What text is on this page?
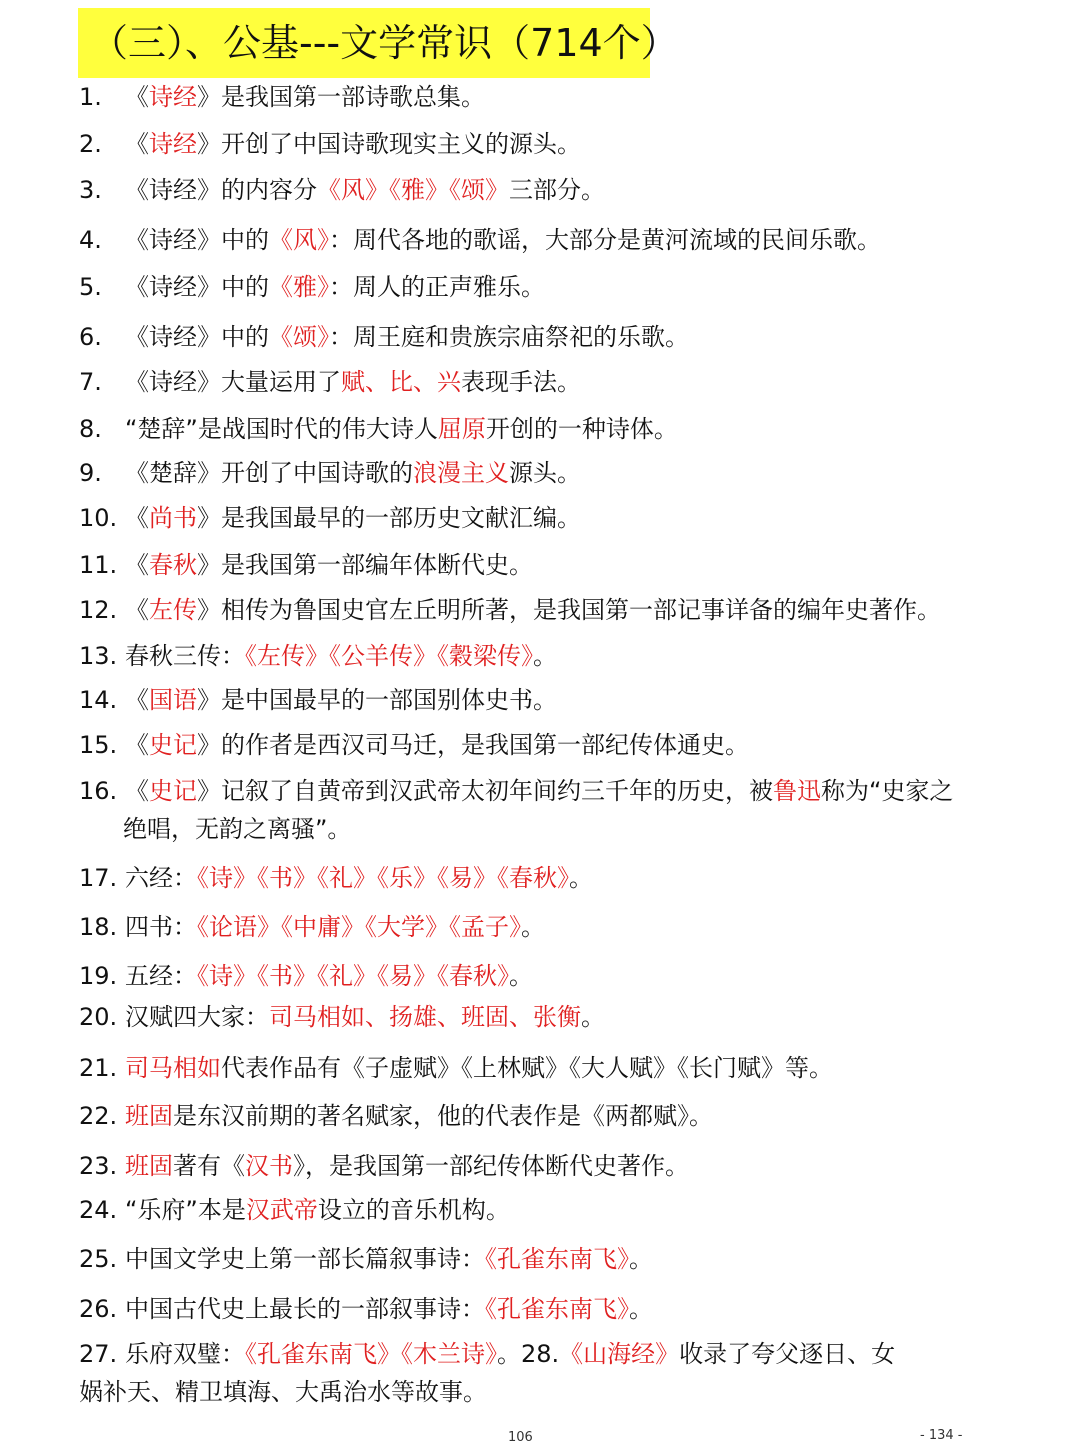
（三）、公基---文学常识（714个）
1. 《诗经》是我国第一部诗歌总集。
2. 《诗经》开创了中国诗歌现实主义的源头。
3. 《诗经》的内容分《风》《雅》《颂》三部分。
4. 《诗经》中的《风》：周代各地的歌谣，大部分是黄河流域的民间乐歌。
5. 《诗经》中的《雅》：周人的正声雅乐。
6. 《诗经》中的《颂》：周王庭和贵族宗庙祭祀的乐歌。
7. 《诗经》大量运用了赋、比、兴表现手法。
8. “楚辞”是战国时代的伟大诗人屈原开创的一种诗体。
9. 《楚辞》开创了中国诗歌的浪漫主义源头。
10. 《尚书》是我国最早的一部历史文献汇编。
11. 《春秋》是我国第一部编年体断代史。
12. 《左传》相传为鲁国史官左丘明所著，是我国第一部记事详备的编年史著作。
13. 春秋三传：《左传》《公羊传》《穀梁传》。
14. 《国语》是中国最早的一部国别体史书。
15. 《史记》的作者是西汉司马迁，是我国第一部纪传体通史。
16. 《史记》记叙了自黄帝到汉武帝太初年间约三千年的历史，被鲁迅称为“史家之
绝唱，无韵之离骚”。
17. 六经：《诗》《书》《礼》《乐》《易》《春秋》。
18. 四书：《论语》《中庸》《大学》《孟子》。
19. 五经：《诗》《书》《礼》《易》《春秋》。
20. 汉赋四大家：司马相如、扬雄、班固、张衡。
21. 司马相如代表作品有《子虚赋》《上林赋》《大人赋》《长门赋》等。
22. 班固是东汉前期的著名赋家，他的代表作是《两都赋》。
23. 班固著有《汉书》，是我国第一部纪传体断代史著作。
24. “乐府”本是汉武帝设立的音乐机构。
25. 中国文学史上第一部长篇叙事诗：《孔雀东南飞》。
26. 中国古代史上最长的一部叙事诗：《孔雀东南飞》。
27. 乐府双璧：《孔雀东南飞》《木兰诗》。28.《山海经》收录了夸父逐日、女
娲补天、精卫填海、大禹治水等故事。
106	- 134 -
